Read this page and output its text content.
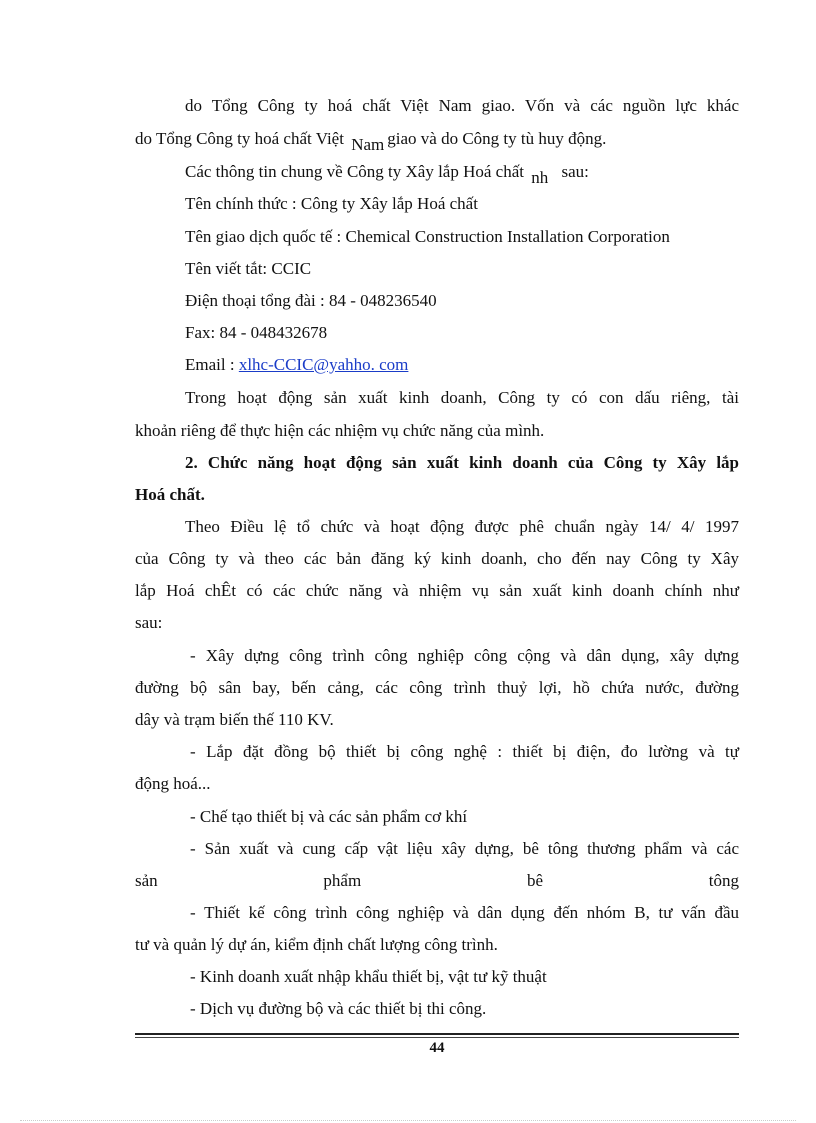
do Tổng Công ty hoá chất Việt Nam giao. Vốn và các nguồn lực khác
do Tổng Công ty hoá chất Việt Nam giao và do Công ty tù huy động.
Các thông tin chung về Công ty Xây lắp Hoá chất nh sau:
Tên chính thức : Công ty Xây lắp Hoá chất
Tên giao dịch quốc tế : Chemical Construction Installation Corporation
Tên viết tắt: CCIC
Điện thoại tổng đài : 84 - 048236540
Fax: 84 - 048432678
Email : xlhc-CCIC@yahho. com
Trong hoạt động sản xuất kinh doanh, Công ty có con dấu riêng, tài
khoản riêng để thực hiện các nhiệm vụ chức năng của mình.
2. Chức năng hoạt động sản xuất kinh doanh của Công ty Xây lắp
Hoá chất.
Theo Điều lệ tổ chức và hoạt động được phê chuẩn ngày 14/ 4/ 1997
của Công ty và theo các bản đăng ký kinh doanh, cho đến nay Công ty Xây
lắp Hoá chÊt có các chức năng và nhiệm vụ sản xuất kinh doanh chính như
sau:
- Xây dựng công trình công nghiệp công cộng và dân dụng, xây dựng
đường bộ sân bay, bến cảng, các công trình thuỷ lợi, hồ chứa nước, đường
dây và trạm biến thế 110 KV.
- Lắp đặt đồng bộ thiết bị công nghệ : thiết bị điện, đo lường và tự
động hoá...
- Chế tạo thiết bị và các sản phẩm cơ khí
- Sản xuất và cung cấp vật liệu xây dựng, bê tông thương phẩm và các
sản phẩm bê tông
- Thiết kế công trình công nghiệp và dân dụng đến nhóm B, tư vấn đầu
tư và quản lý dự án, kiểm định chất lượng công trình.
- Kinh doanh xuất nhập khẩu thiết bị, vật tư kỹ thuật
- Dịch vụ đường bộ và các thiết bị thi công.
44
